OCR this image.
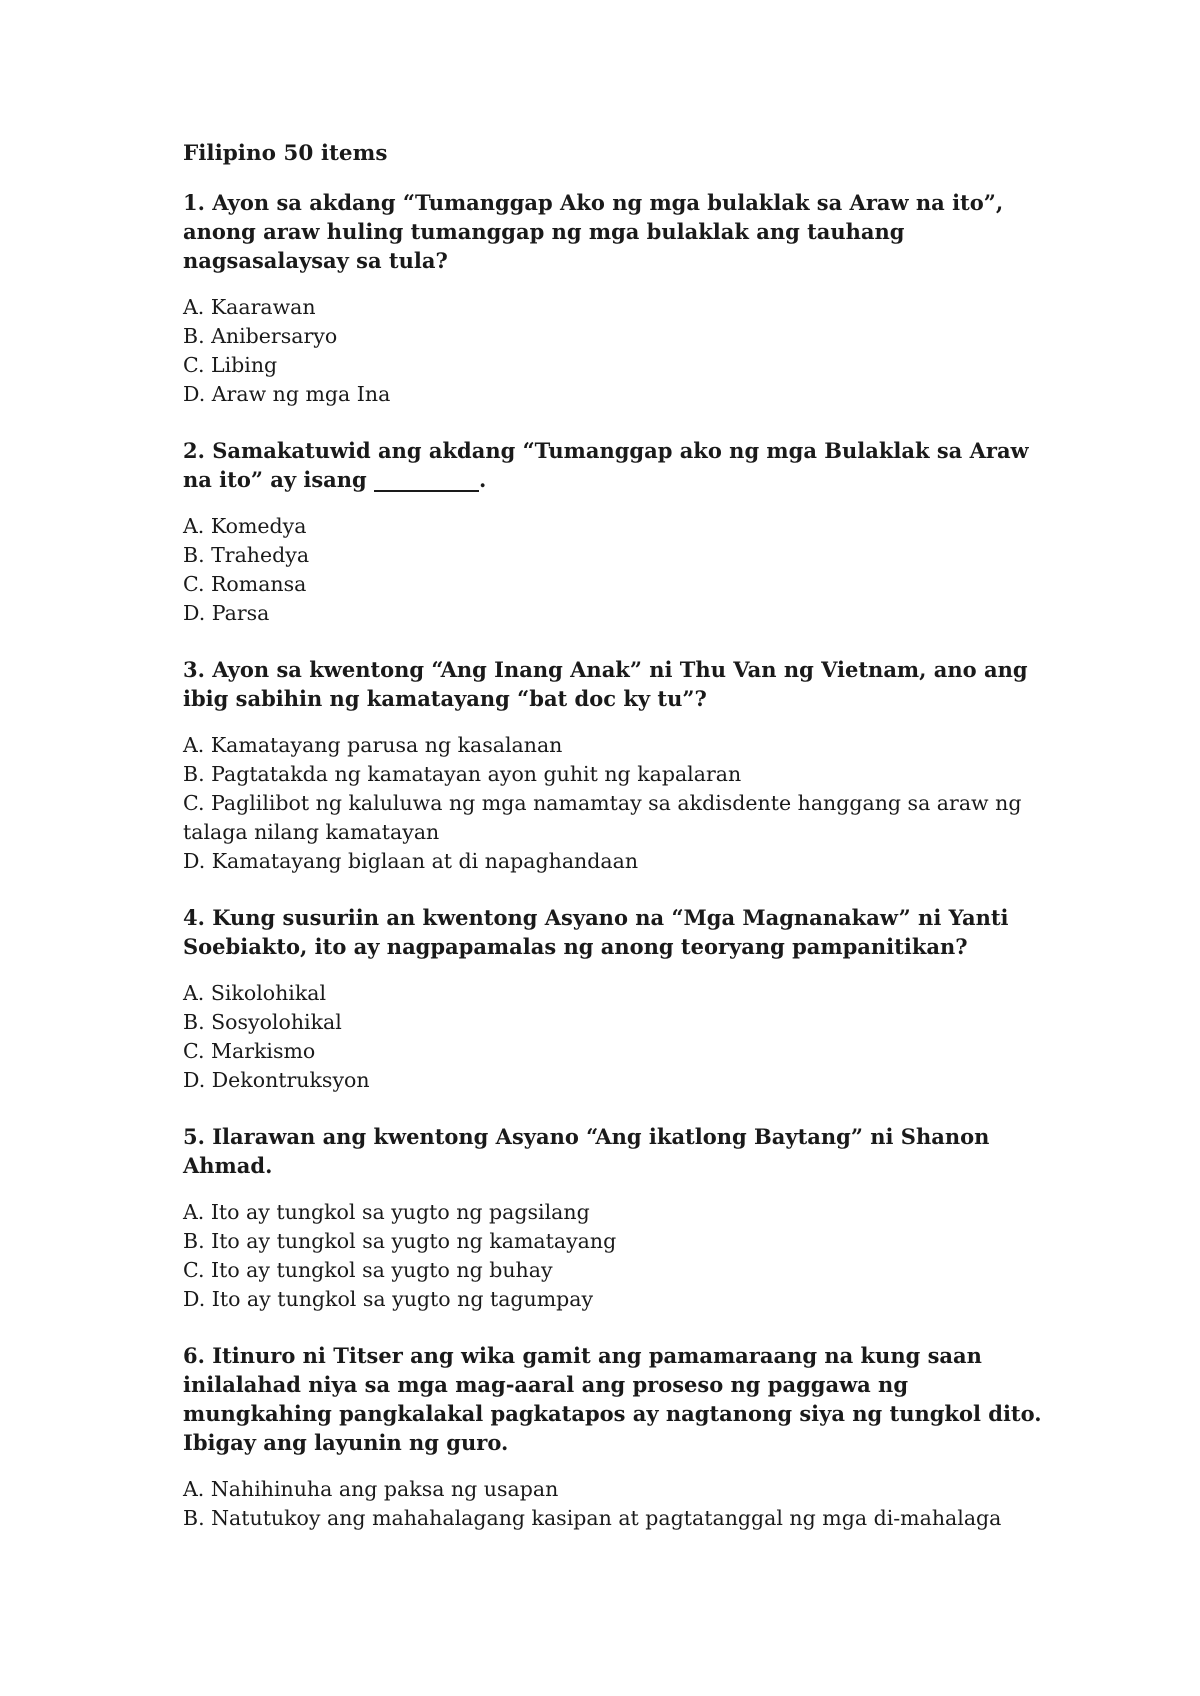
Filipino 50 items

1. Ayon sa akdang “Tumanggap Ako ng mga bulaklak sa Araw na ito”, anong araw huling tumanggap ng mga bulaklak ang tauhang nagsasalaysay sa tula?

A. Kaarawan
B. Anibersaryo
C. Libing
D. Araw ng mga Ina

2. Samakatuwid ang akdang “Tumanggap ako ng mga Bulaklak sa Araw na ito” ay isang __________.

A. Komedya
B. Trahedya
C. Romansa
D. Parsa

3. Ayon sa kwentong “Ang Inang Anak” ni Thu Van ng Vietnam, ano ang ibig sabihin ng kamatayang “bat doc ky tu”?

A. Kamatayang parusa ng kasalanan
B. Pagtatakda ng kamatayan ayon guhit ng kapalaran
C. Paglilibot ng kaluluwa ng mga namamtay sa akdisdente hanggang sa araw ng talaga nilang kamatayan
D. Kamatayang biglaan at di napaghandaan

4. Kung susuriin an kwentong Asyano na “Mga Magnanakaw” ni Yanti Soebiakto, ito ay nagpapamalas ng anong teoryang pampanitikan?

A. Sikolohikal
B. Sosyolohikal
C. Markismo
D. Dekontruksyon

5. Ilarawan ang kwentong Asyano “Ang ikatlong Baytang” ni Shanon Ahmad.

A. Ito ay tungkol sa yugto ng pagsilang
B. Ito ay tungkol sa yugto ng kamatayang
C. Ito ay tungkol sa yugto ng buhay
D. Ito ay tungkol sa yugto ng tagumpay

6. Itinuro ni Titser ang wika gamit ang pamamaraang na kung saan inilalahad niya sa mga mag-aaral ang proseso ng paggawa ng mungkahing pangkalakal pagkatapos ay nagtanong siya ng tungkol dito. Ibigay ang layunin ng guro.

A. Nahihinuha ang paksa ng usapan
B. Natutukoy ang mahahalagang kasipan at pagtatanggal ng mga di-mahalaga
